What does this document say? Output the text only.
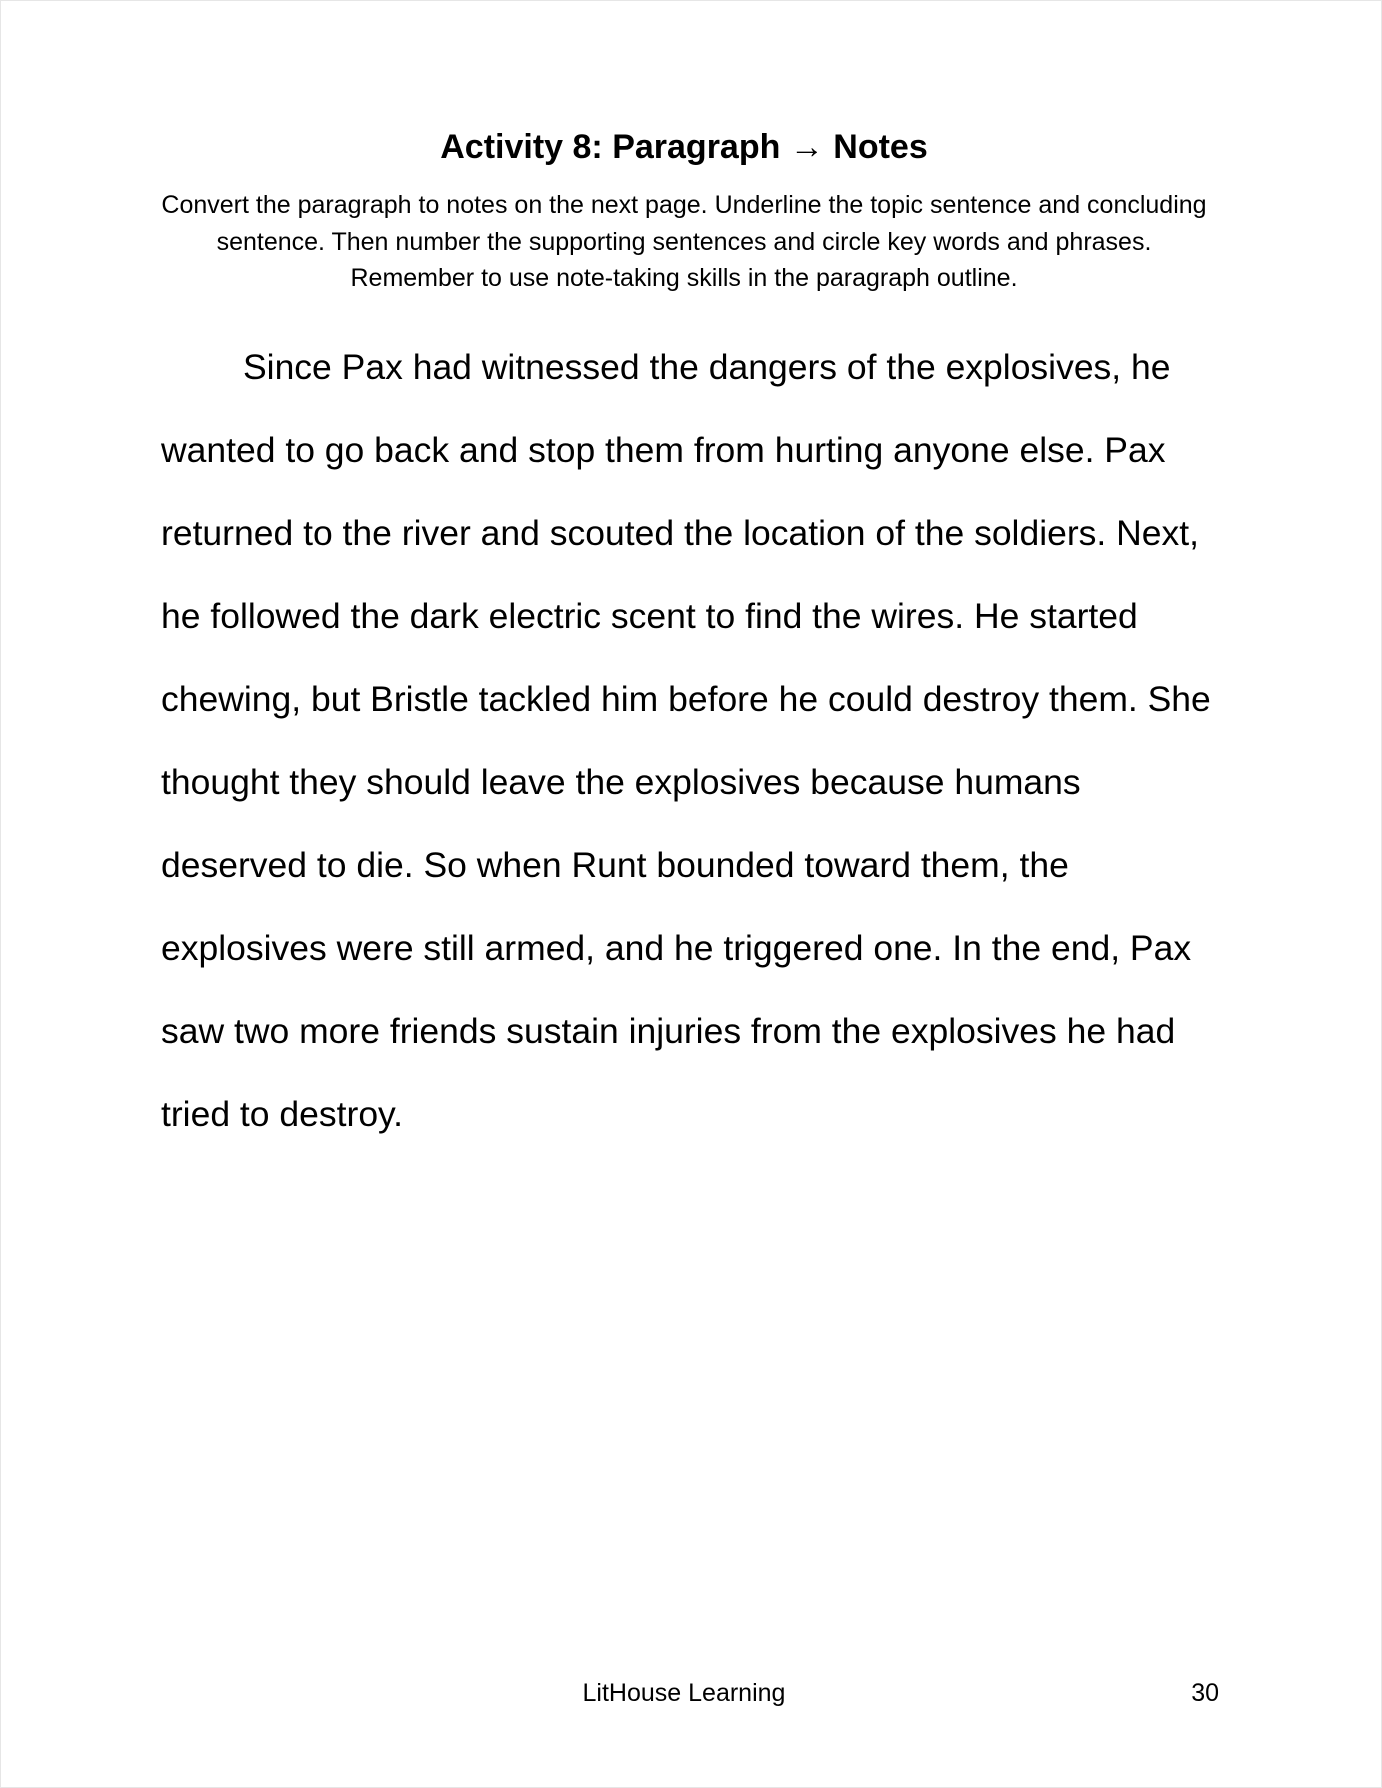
Activity 8: Paragraph → Notes

Convert the paragraph to notes on the next page. Underline the topic sentence and concluding sentence. Then number the supporting sentences and circle key words and phrases. Remember to use note-taking skills in the paragraph outline.

Since Pax had witnessed the dangers of the explosives, he wanted to go back and stop them from hurting anyone else. Pax returned to the river and scouted the location of the soldiers. Next, he followed the dark electric scent to find the wires. He started chewing, but Bristle tackled him before he could destroy them. She thought they should leave the explosives because humans deserved to die. So when Runt bounded toward them, the explosives were still armed, and he triggered one. In the end, Pax saw two more friends sustain injuries from the explosives he had tried to destroy.

LitHouse Learning	30
